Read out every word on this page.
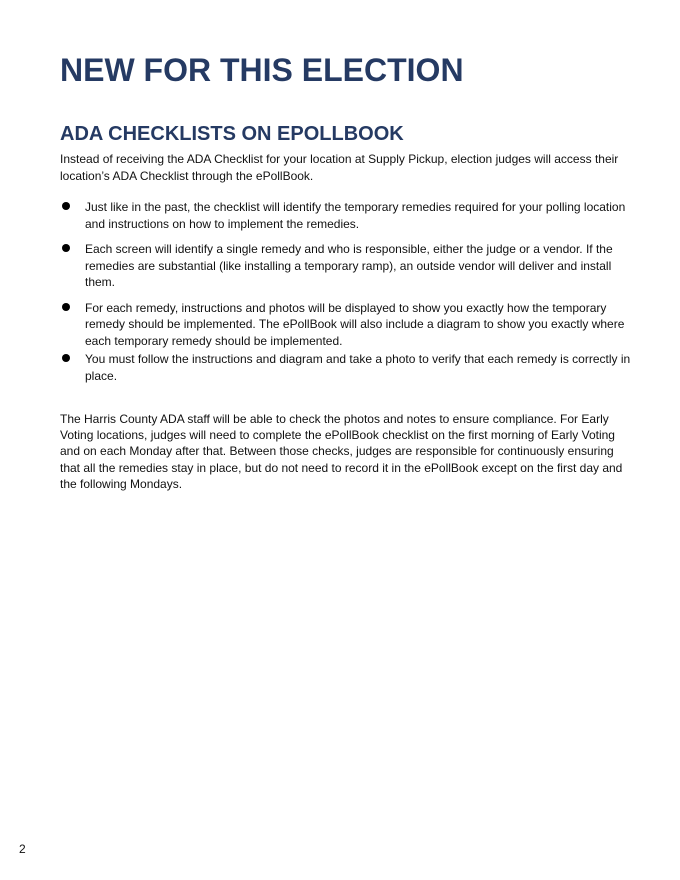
NEW FOR THIS ELECTION
ADA CHECKLISTS ON EPOLLBOOK

Instead of receiving the ADA Checklist for your location at Supply Pickup, election judges will access their location’s ADA Checklist through the ePollBook.

Just like in the past, the checklist will identify the temporary remedies required for your polling location and instructions on how to implement the remedies.
Each screen will identify a single remedy and who is responsible, either the judge or a vendor. If the remedies are substantial (like installing a temporary ramp), an outside vendor will deliver and install them.
For each remedy, instructions and photos will be displayed to show you exactly how the temporary remedy should be implemented. The ePollBook will also include a diagram to show you exactly where each temporary remedy should be implemented.
You must follow the instructions and diagram and take a photo to verify that each remedy is correctly in place.

The Harris County ADA staff will be able to check the photos and notes to ensure compliance. For Early Voting locations, judges will need to complete the ePollBook checklist on the first morning of Early Voting and on each Monday after that. Between those checks, judges are responsible for continuously ensuring that all the remedies stay in place, but do not need to record it in the ePollBook except on the first day and the following Mondays.

2
